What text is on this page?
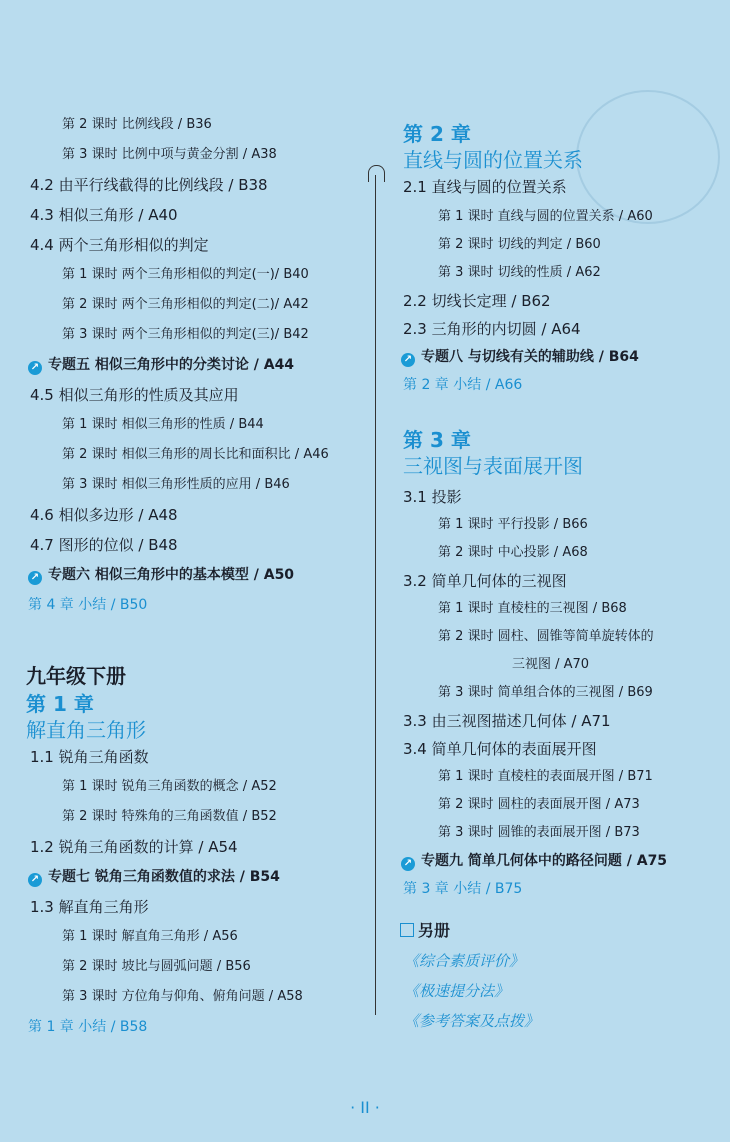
第 2 课时 比例线段 / B36
第 3 课时 比例中项与黄金分割 / A38
4.2 由平行线截得的比例线段 / B38
4.3 相似三角形 / A40
4.4 两个三角形相似的判定
第 1 课时 两个三角形相似的判定(一)/ B40
第 2 课时 两个三角形相似的判定(二)/ A42
第 3 课时 两个三角形相似的判定(三)/ B42
↗ 专题五 相似三角形中的分类讨论 / A44
4.5 相似三角形的性质及其应用
第 1 课时 相似三角形的性质 / B44
第 2 课时 相似三角形的周长比和面积比 / A46
第 3 课时 相似三角形性质的应用 / B46
4.6 相似多边形 / A48
4.7 图形的位似 / B48
↗ 专题六 相似三角形中的基本模型 / A50
第 4 章 小结 / B50
1.1 锐角三角函数
第 1 课时 锐角三角函数的概念 / A52
第 2 课时 特殊角的三角函数值 / B52
1.2 锐角三角函数的计算 / A54
↗ 专题七 锐角三角函数值的求法 / B54
1.3 解直角三角形
第 1 课时 解直角三角形 / A56
第 2 课时 坡比与圆弧问题 / B56
第 3 课时 方位角与仰角、俯角问题 / A58
第 1 章 小结 / B58
九年级下册
第 1 章
解直角三角形
第 2 章
直线与圆的位置关系
第 3 章
三视图与表面展开图
2.1 直线与圆的位置关系
第 1 课时 直线与圆的位置关系 / A60
第 2 课时 切线的判定 / B60
第 3 课时 切线的性质 / A62
2.2 切线长定理 / B62
2.3 三角形的内切圆 / A64
↗ 专题八 与切线有关的辅助线 / B64
第 2 章 小结 / A66
3.1 投影
第 1 课时 平行投影 / B66
第 2 课时 中心投影 / A68
3.2 简单几何体的三视图
第 1 课时 直棱柱的三视图 / B68
第 2 课时 圆柱、圆锥等简单旋转体的
三视图 / A70
第 3 课时 简单组合体的三视图 / B69
3.3 由三视图描述几何体 / A71
3.4 简单几何体的表面展开图
第 1 课时 直棱柱的表面展开图 / B71
第 2 课时 圆柱的表面展开图 / A73
第 3 课时 圆锥的表面展开图 / B73
↗ 专题九 简单几何体中的路径问题 / A75
第 3 章 小结 / B75
另册
《综合素质评价》
《极速提分法》
《参考答案及点拨》
· II ·
